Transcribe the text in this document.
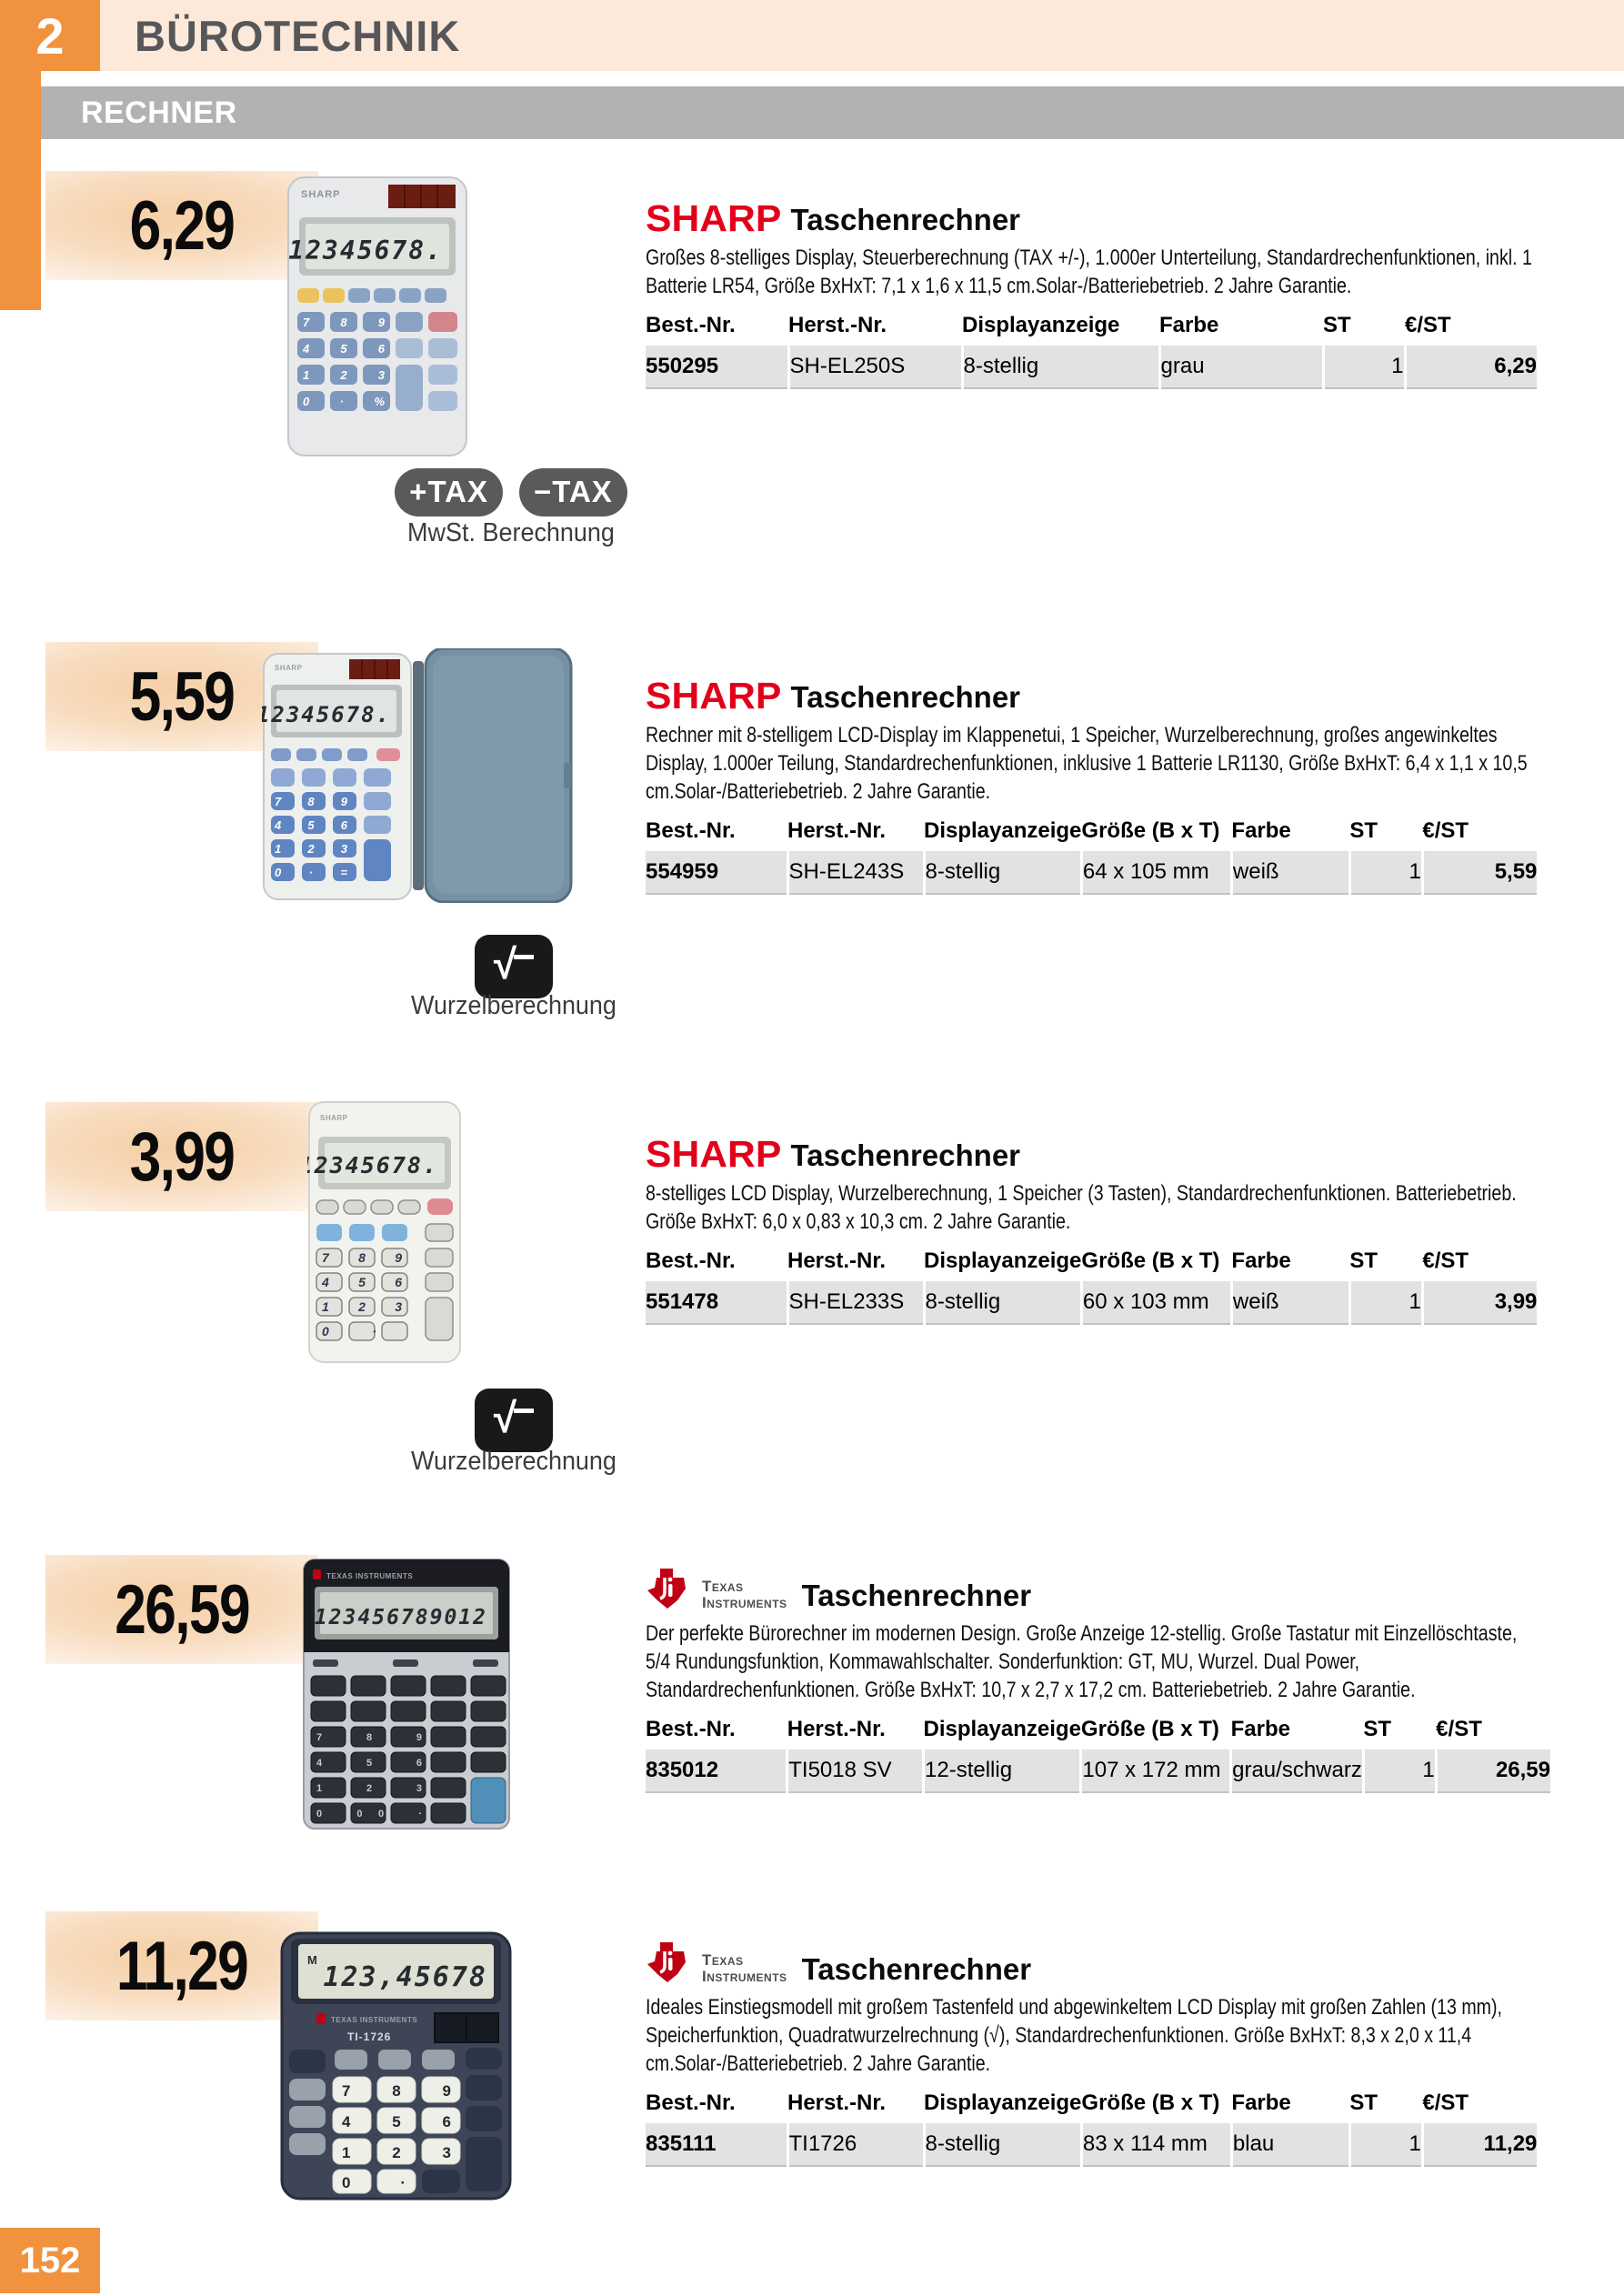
2 BÜROTECHNIK
RECHNER
6,29	SHARP
12345678.
7 8 9
4 5 6
1 2 3
0 · %
+TAX	−TAX
MwSt. Berechnung
SHARP Taschenrechner
Großes 8-stelliges Display, Steuerberechnung (TAX +/-), 1.000er Unterteilung, Standardrechenfunktionen, inkl. 1 Batterie LR54, Größe BxHxT: 7,1 x 1,6 x 11,5 cm.Solar-/Batteriebetrieb. 2 Jahre Garantie.
Best.-Nr.	Herst.-Nr.	Displayanzeige	Farbe	ST	€/ST
550295	SH-EL250S	8-stellig	grau	1	6,29
5,59	SHARP
12345678.
7 8 9
4 5 6
1 2 3
0 · =
√
Wurzelberechnung
SHARP Taschenrechner
Rechner mit 8-stelligem LCD-Display im Klappenetui, 1 Speicher, Wurzelberechnung, großes angewinkeltes Display, 1.000er Teilung, Standardrechenfunktionen, inklusive 1 Batterie LR1130, Größe BxHxT: 6,4 x 1,1 x 10,5 cm.Solar-/Batteriebetrieb. 2 Jahre Garantie.
Best.-Nr.	Herst.-Nr.	Displayanzeige	Größe (B x T)	Farbe	ST	€/ST
554959	SH-EL243S	8-stellig	64 x 105 mm	weiß	1	5,59
3,99	SHARP
12345678.
7 8 9
4 5 6
1 2 3
0 ·
√
Wurzelberechnung
SHARP Taschenrechner
8-stelliges LCD Display, Wurzelberechnung, 1 Speicher (3 Tasten), Standardrechenfunktionen. Batteriebetrieb. Größe BxHxT: 6,0 x 0,83 x 10,3 cm. 2 Jahre Garantie.
Best.-Nr.	Herst.-Nr.	Displayanzeige	Größe (B x T)	Farbe	ST	€/ST
551478	SH-EL233S	8-stellig	60 x 103 mm	weiß	1	3,99
26,59	TEXAS INSTRUMENTS
123456789012
7 8 9
4 5 6
1 2 3
0 00 ·
Texas
Instruments Taschenrechner
Der perfekte Bürorechner im modernen Design. Große Anzeige 12-stellig. Große Tastatur mit Einzellöschtaste, 5/4 Rundungsfunktion, Kommawahlschalter. Sonderfunktion: GT, MU, Wurzel. Dual Power, Standardrechenfunktionen. Größe BxHxT: 10,7 x 2,7 x 17,2 cm. Batteriebetrieb. 2 Jahre Garantie.
Best.-Nr.	Herst.-Nr.	Displayanzeige	Größe (B x T)	Farbe	ST	€/ST
835012	TI5018 SV	12-stellig	107 x 172 mm	grau/schwarz	1	26,59
11,29	M
123,45678
TEXAS INSTRUMENTS
TI-1726
7 8 9
4 5 6
1 2 3
0 ·
Texas
Instruments Taschenrechner
Ideales Einstiegsmodell mit großem Tastenfeld und abgewinkeltem LCD Display mit großen Zahlen (13 mm), Speicherfunktion, Quadratwurzelrechnung (√), Standardrechenfunktionen. Größe BxHxT: 8,3 x 2,0 x 11,4 cm.Solar-/Batteriebetrieb. 2 Jahre Garantie.
Best.-Nr.	Herst.-Nr.	Displayanzeige	Größe (B x T)	Farbe	ST	€/ST
835111	TI1726	8-stellig	83 x 114 mm	blau	1	11,29
152
